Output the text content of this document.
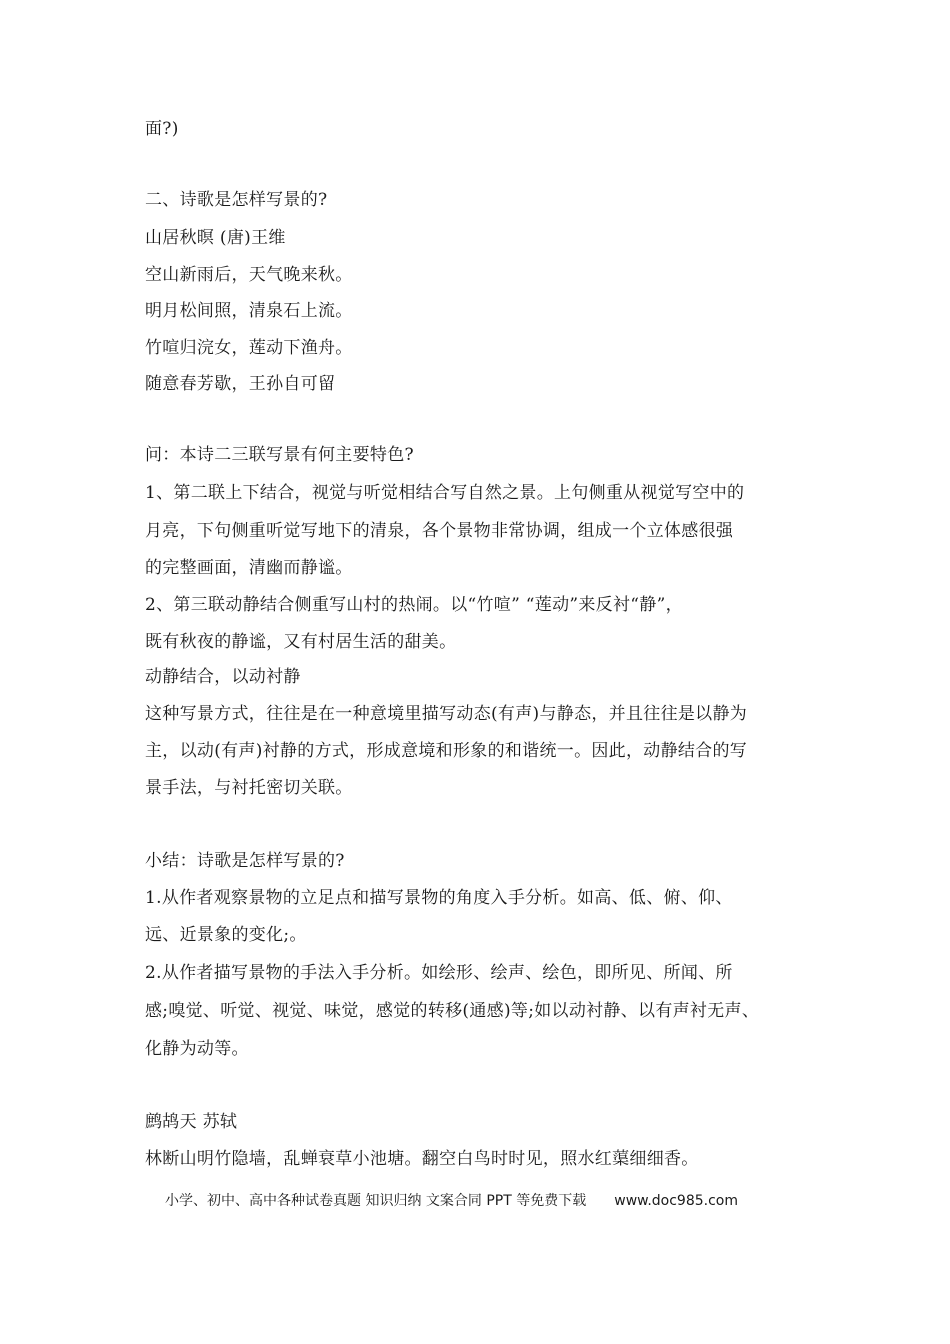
面?)
二、诗歌是怎样写景的?
山居秋暝 (唐)王维
空山新雨后，天气晚来秋。
明月松间照，清泉石上流。
竹喧归浣女，莲动下渔舟。
随意春芳歇，王孙自可留
问：本诗二三联写景有何主要特色?
1、第二联上下结合，视觉与听觉相结合写自然之景。上句侧重从视觉写空中的
月亮，下句侧重听觉写地下的清泉，各个景物非常协调，组成一个立体感很强
的完整画面，清幽而静谧。
2、第三联动静结合侧重写山村的热闹。以“竹喧” “莲动”来反衬“静”，
既有秋夜的静谧，又有村居生活的甜美。
动静结合，以动衬静
这种写景方式，往往是在一种意境里描写动态(有声)与静态，并且往往是以静为
主，以动(有声)衬静的方式，形成意境和形象的和谐统一。因此，动静结合的写
景手法，与衬托密切关联。
小结：诗歌是怎样写景的?
1.从作者观察景物的立足点和描写景物的角度入手分析。如高、低、俯、仰、
远、近景象的变化;。
2.从作者描写景物的手法入手分析。如绘形、绘声、绘色，即所见、所闻、所
感;嗅觉、听觉、视觉、味觉，感觉的转移(通感)等;如以动衬静、以有声衬无声、
化静为动等。
鹧鸪天 苏轼
林断山明竹隐墙，乱蝉衰草小池塘。翻空白鸟时时见，照水红蕖细细香。
小学、初中、高中各种试卷真题 知识归纳 文案合同 PPT 等免费下载 www.doc985.com
